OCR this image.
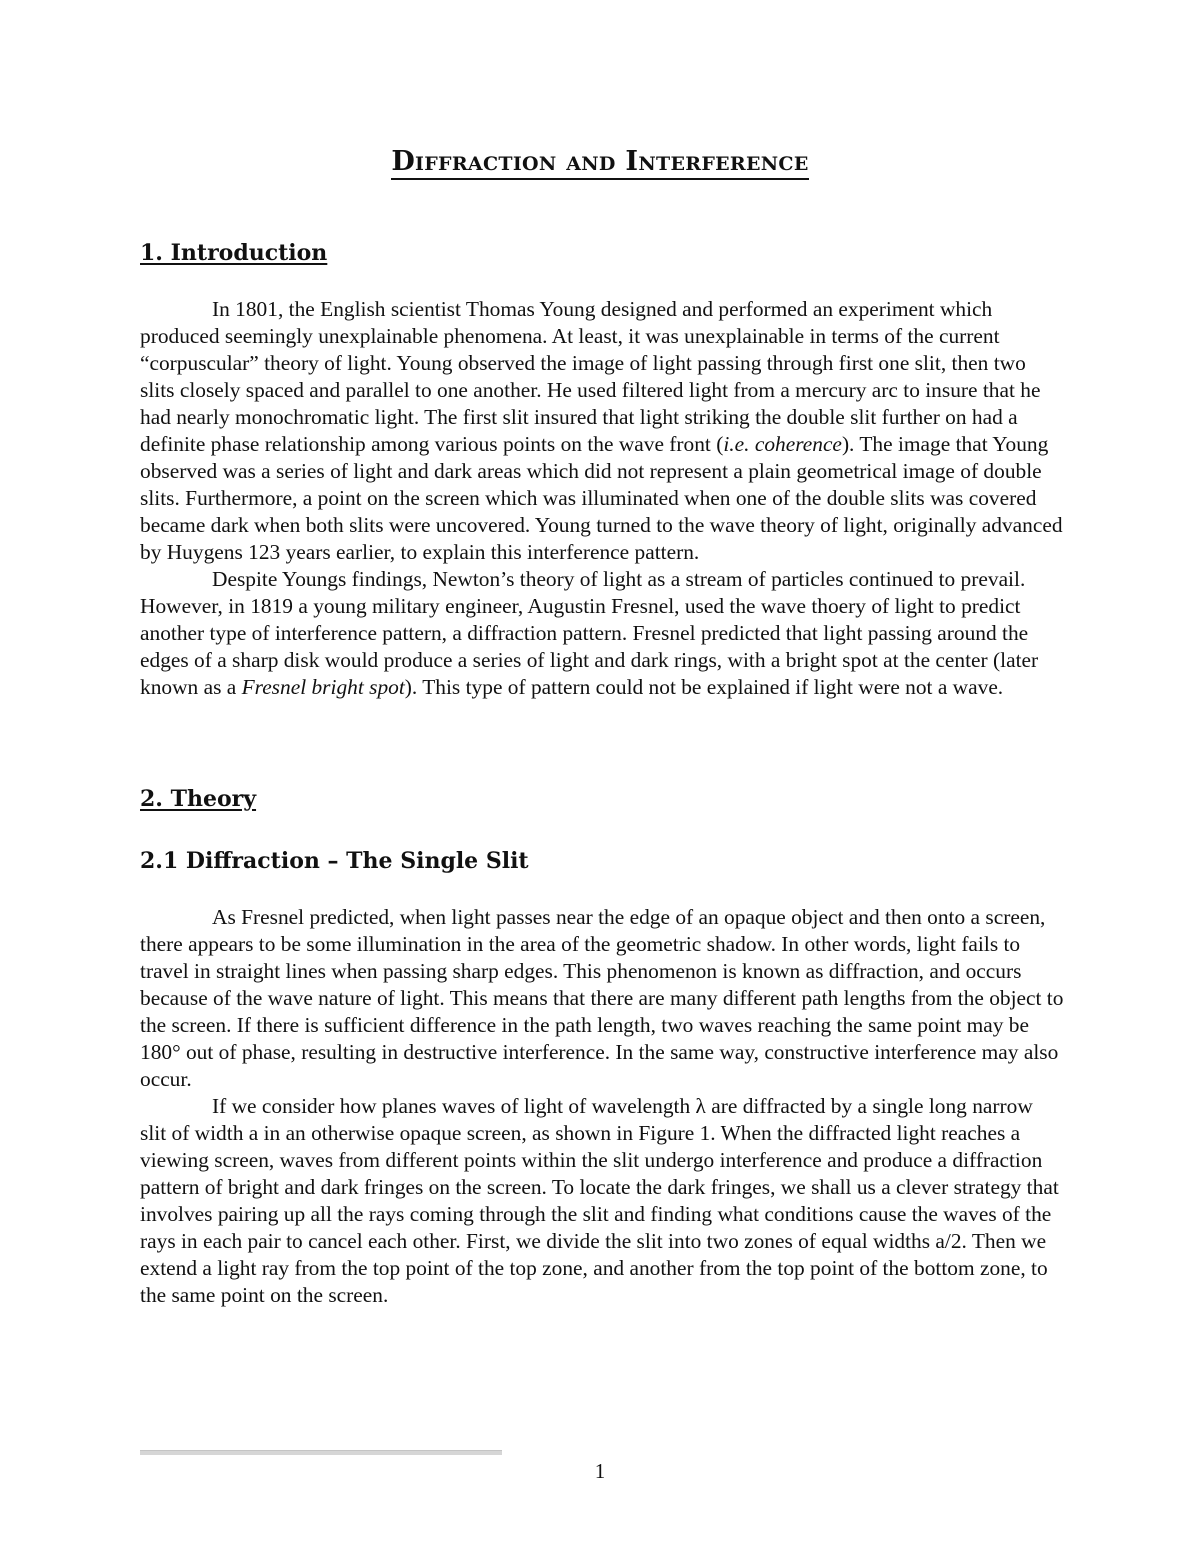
Diffraction and Interference
1. Introduction

In 1801, the English scientist Thomas Young designed and performed an experiment which produced seemingly unexplainable phenomena. At least, it was unexplainable in terms of the current “corpuscular” theory of light. Young observed the image of light passing through first one slit, then two slits closely spaced and parallel to one another. He used filtered light from a mercury arc to insure that he had nearly monochromatic light. The first slit insured that light striking the double slit further on had a definite phase relationship among various points on the wave front (i.e. coherence). The image that Young observed was a series of light and dark areas which did not represent a plain geometrical image of double slits. Furthermore, a point on the screen which was illuminated when one of the double slits was covered became dark when both slits were uncovered. Young turned to the wave theory of light, originally advanced by Huygens 123 years earlier, to explain this interference pattern.

Despite Youngs findings, Newton’s theory of light as a stream of particles continued to prevail. However, in 1819 a young military engineer, Augustin Fresnel, used the wave thoery of light to predict another type of interference pattern, a diffraction pattern. Fresnel predicted that light passing around the edges of a sharp disk would produce a series of light and dark rings, with a bright spot at the center (later known as a Fresnel bright spot). This type of pattern could not be explained if light were not a wave.

2. Theory
2.1 Diffraction – The Single Slit

As Fresnel predicted, when light passes near the edge of an opaque object and then onto a screen, there appears to be some illumination in the area of the geometric shadow. In other words, light fails to travel in straight lines when passing sharp edges. This phenomenon is known as diffraction, and occurs because of the wave nature of light. This means that there are many different path lengths from the object to the screen. If there is sufficient difference in the path length, two waves reaching the same point may be 180° out of phase, resulting in destructive interference. In the same way, constructive interference may also occur.

If we consider how planes waves of light of wavelength λ are diffracted by a single long narrow slit of width a in an otherwise opaque screen, as shown in Figure 1. When the diffracted light reaches a viewing screen, waves from different points within the slit undergo interference and produce a diffraction pattern of bright and dark fringes on the screen. To locate the dark fringes, we shall us a clever strategy that involves pairing up all the rays coming through the slit and finding what conditions cause the waves of the rays in each pair to cancel each other. First, we divide the slit into two zones of equal widths a/2. Then we extend a light ray from the top point of the top zone, and another from the top point of the bottom zone, to the same point on the screen.

1
